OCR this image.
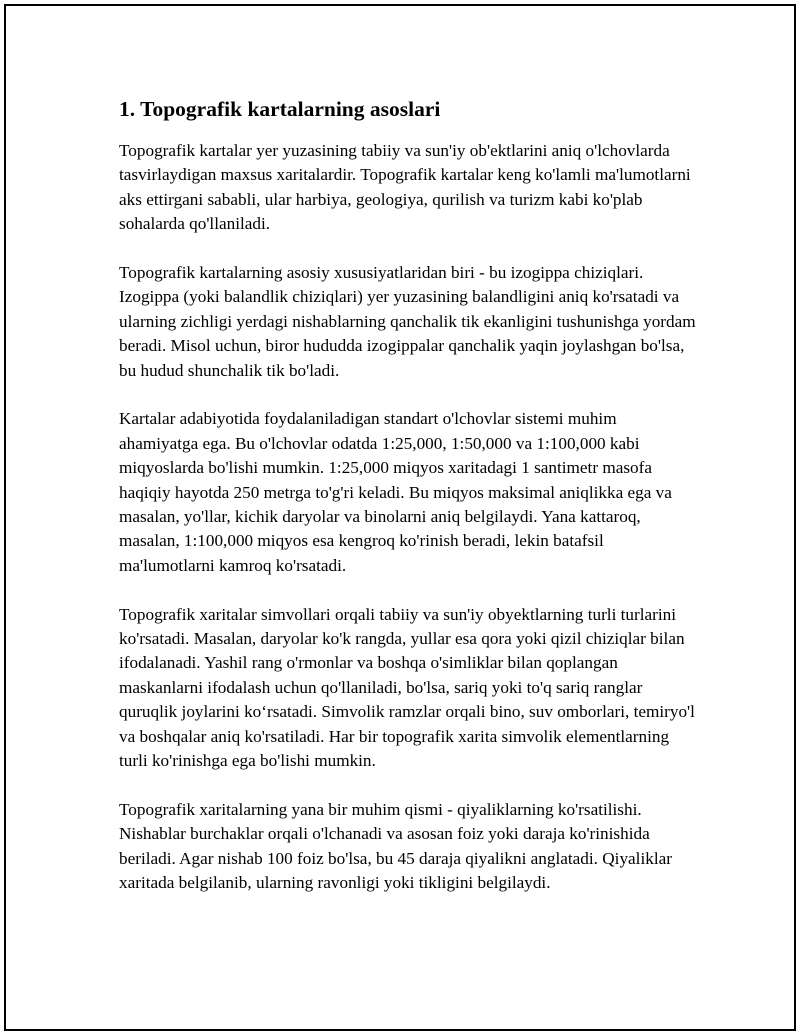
1. Topografik kartalarning asoslari

Topografik kartalar yer yuzasining tabiiy va sun'iy ob'ektlarini aniq o'lchovlarda tasvirlaydigan maxsus xaritalardir. Topografik kartalar keng ko'lamli ma'lumotlarni aks ettirgani sababli, ular harbiya, geologiya, qurilish va turizm kabi ko'plab sohalarda qo'llaniladi.

Topografik kartalarning asosiy xususiyatlaridan biri - bu izogippa chiziqlari. Izogippa (yoki balandlik chiziqlari) yer yuzasining balandligini aniq ko'rsatadi va ularning zichligi yerdagi nishablarning qanchalik tik ekanligini tushunishga yordam beradi. Misol uchun, biror hududda izogippalar qanchalik yaqin joylashgan bo'lsa, bu hudud shunchalik tik bo'ladi.

Kartalar adabiyotida foydalaniladigan standart o'lchovlar sistemi muhim ahamiyatga ega. Bu o'lchovlar odatda 1:25,000, 1:50,000 va 1:100,000 kabi miqyoslarda bo'lishi mumkin. 1:25,000 miqyos xaritadagi 1 santimetr masofa haqiqiy hayotda 250 metrga to'g'ri keladi. Bu miqyos maksimal aniqlikka ega va masalan, yo'llar, kichik daryolar va binolarni aniq belgilaydi. Yana kattaroq, masalan, 1:100,000 miqyos esa kengroq ko'rinish beradi, lekin batafsil ma'lumotlarni kamroq ko'rsatadi.

Topografik xaritalar simvollari orqali tabiiy va sun'iy obyektlarning turli turlarini ko'rsatadi. Masalan, daryolar ko'k rangda, yullar esa qora yoki qizil chiziqlar bilan ifodalanadi. Yashil rang o'rmonlar va boshqa o'simliklar bilan qoplangan maskanlarni ifodalash uchun qo'llaniladi, bo'lsa, sariq yoki to'q sariq ranglar quruqlik joylarini ko‘rsatadi. Simvolik ramzlar orqali bino, suv omborlari, temiryo'l va boshqalar aniq ko'rsatiladi. Har bir topografik xarita simvolik elementlarning turli ko'rinishga ega bo'lishi mumkin.

Topografik xaritalarning yana bir muhim qismi - qiyaliklarning ko'rsatilishi. Nishablar burchaklar orqali o'lchanadi va asosan foiz yoki daraja ko'rinishida beriladi. Agar nishab 100 foiz bo'lsa, bu 45 daraja qiyalikni anglatadi. Qiyaliklar xaritada belgilanib, ularning ravonligi yoki tikligini belgilaydi.
